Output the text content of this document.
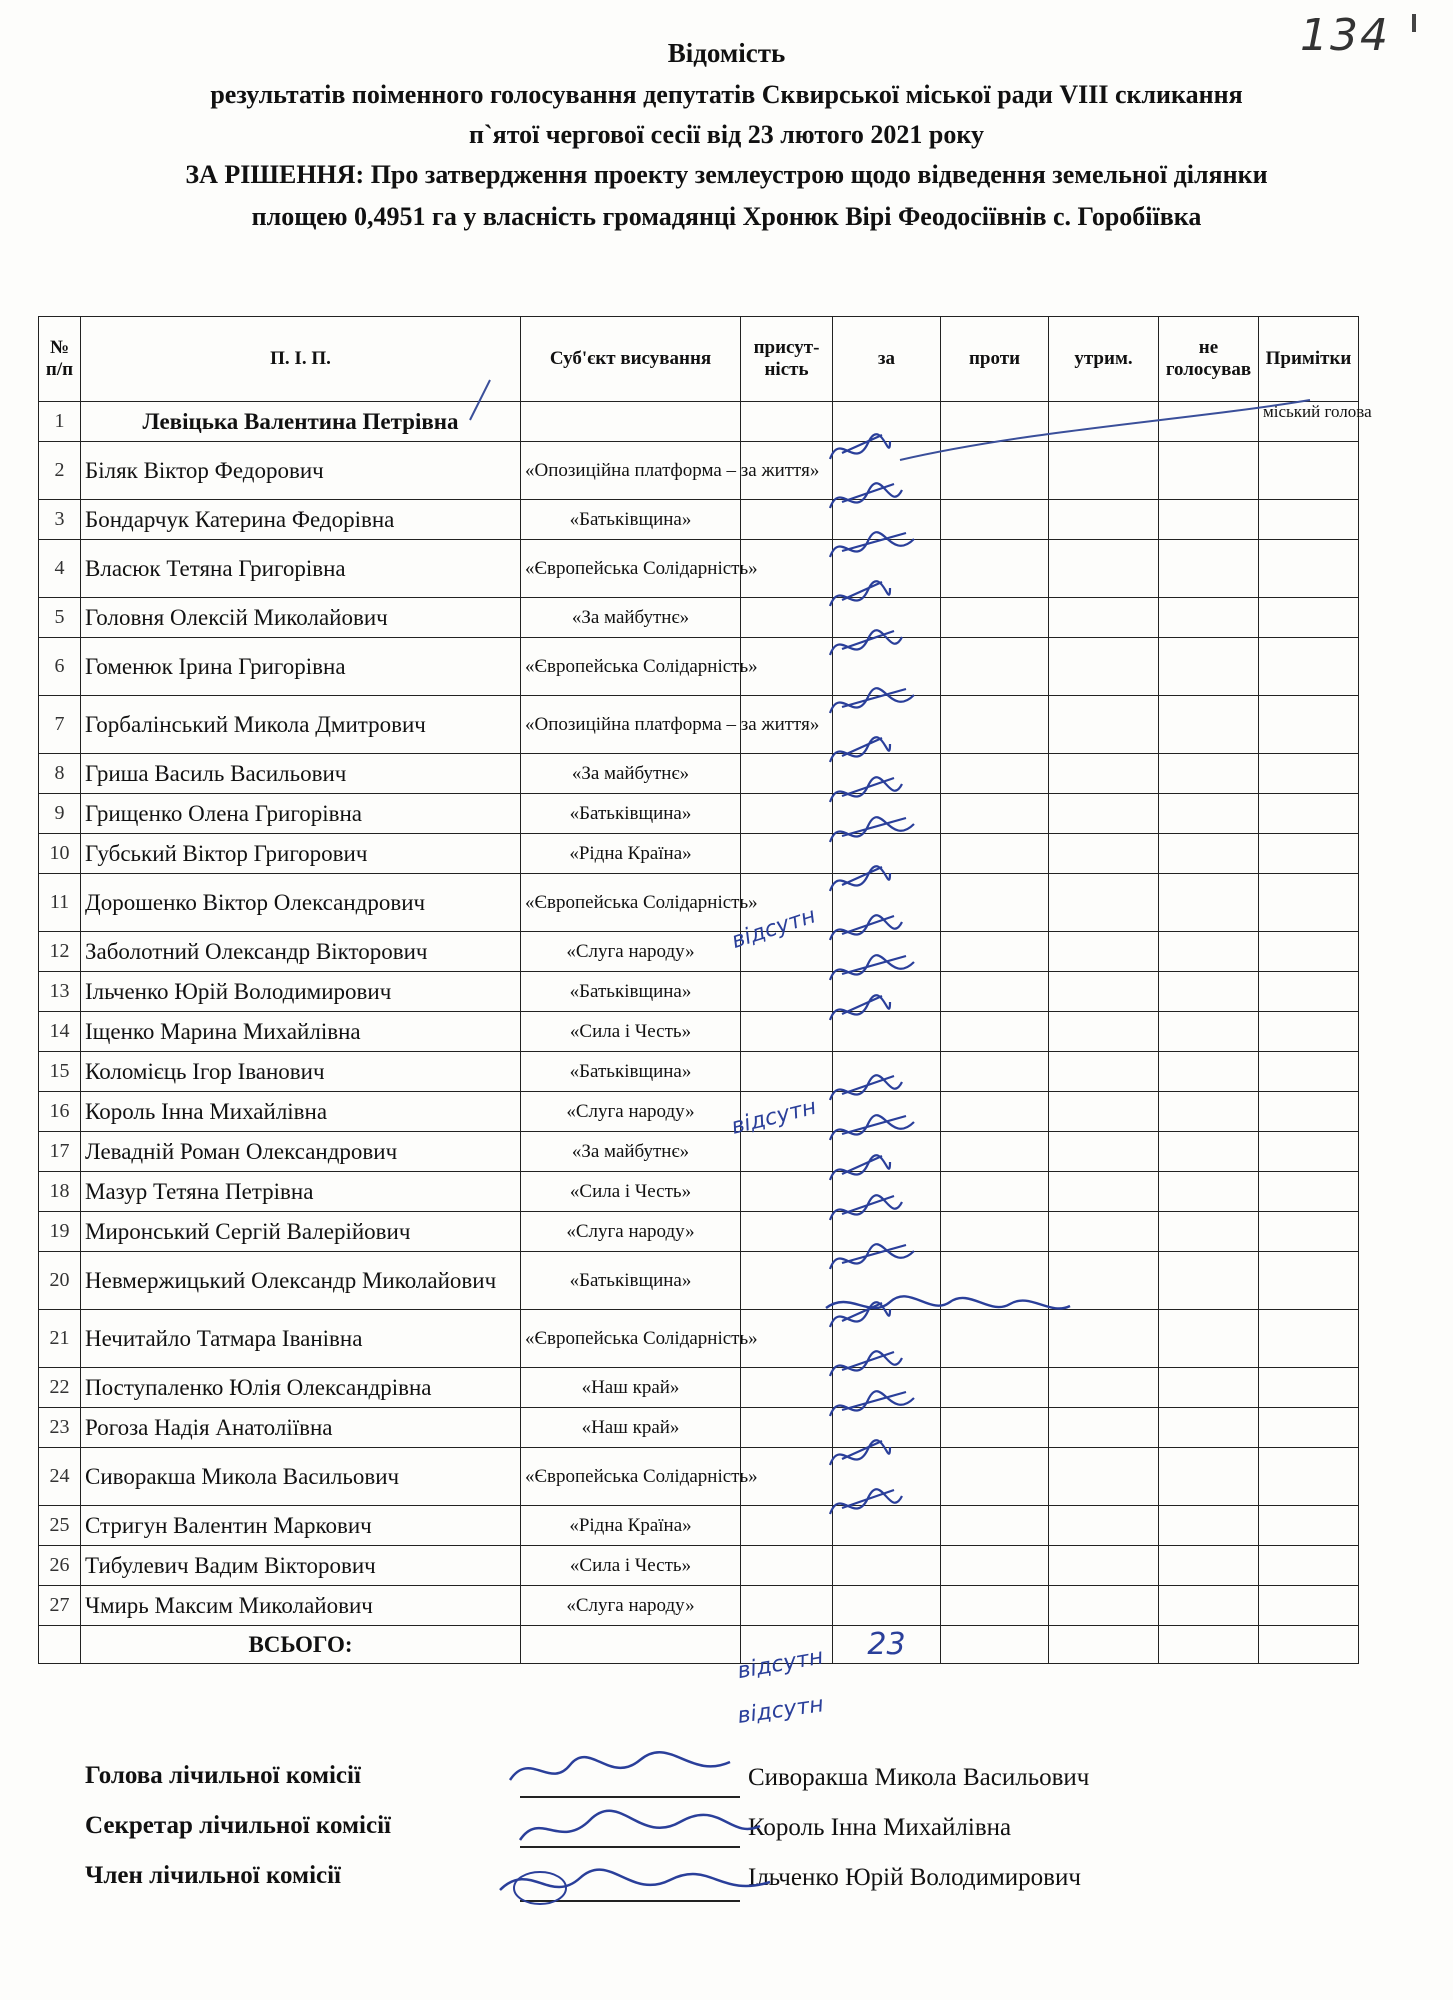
134
Відомість
результатів поіменного голосування депутатів Сквирської міської ради VIII скликання
п`ятої чергової сесії від 23 лютого 2021 року
ЗА РІШЕННЯ: Про затвердження проекту землеустрою щодо відведення земельної ділянки
площею 0,4951 га у власність громадянці Хронюк Вірі Феодосіївнів с. Горобіївка
№ п/п	П. І. П.	Суб'єкт висування	присут-ність	за	проти	утрим.	не голосував	Примітки
1	Левіцька Валентина Петрівна							міський голова
2	Біляк Віктор Федорович	«Опозиційна платформа – за життя»						
3	Бондарчук Катерина Федорівна	«Батьківщина»						
4	Власюк Тетяна Григорівна	«Європейська Солідарність»						
5	Головня Олексій Миколайович	«За майбутнє»						
6	Гоменюк Ірина Григорівна	«Європейська Солідарність»						
7	Горбалінський Микола Дмитрович	«Опозиційна платформа – за життя»						
8	Гриша Василь Васильович	«За майбутнє»						
9	Грищенко Олена Григорівна	«Батьківщина»						
10	Губський Віктор Григорович	«Рідна Країна»						
11	Дорошенко Віктор Олександрович	«Європейська Солідарність»						
12	Заболотний Олександр Вікторович	«Слуга народу»						
13	Ільченко Юрій Володимирович	«Батьківщина»						
14	Іщенко Марина Михайлівна	«Сила і Честь»						
15	Коломієць Ігор Іванович	«Батьківщина»						
16	Король Інна Михайлівна	«Слуга народу»						
17	Левадній Роман Олександрович	«За майбутнє»						
18	Мазур Тетяна Петрівна	«Сила і Честь»						
19	Миронський Сергій Валерійович	«Слуга народу»						
20	Невмержицький Олександр Миколайович	«Батьківщина»						
21	Нечитайло Татмара Іванівна	«Європейська Солідарність»						
22	Поступаленко Юлія Олександрівна	«Наш край»						
23	Рогоза Надія Анатоліївна	«Наш край»						
24	Сиворакша Микола Васильович	«Європейська Солідарність»						
25	Стригун Валентин Маркович	«Рідна Країна»						
26	Тибулевич Вадим Вікторович	«Сила і Честь»						
27	Чмирь Максим Миколайович	«Слуга народу»						
	ВСЬОГО:			23				
відсутн
відсутн
відсутн
відсутн
Голова лічильної комісії	Сиворакша Микола Васильович
Секретар лічильної комісії	Король Інна Михайлівна
Член лічильної комісії	Ільченко Юрій Володимирович
